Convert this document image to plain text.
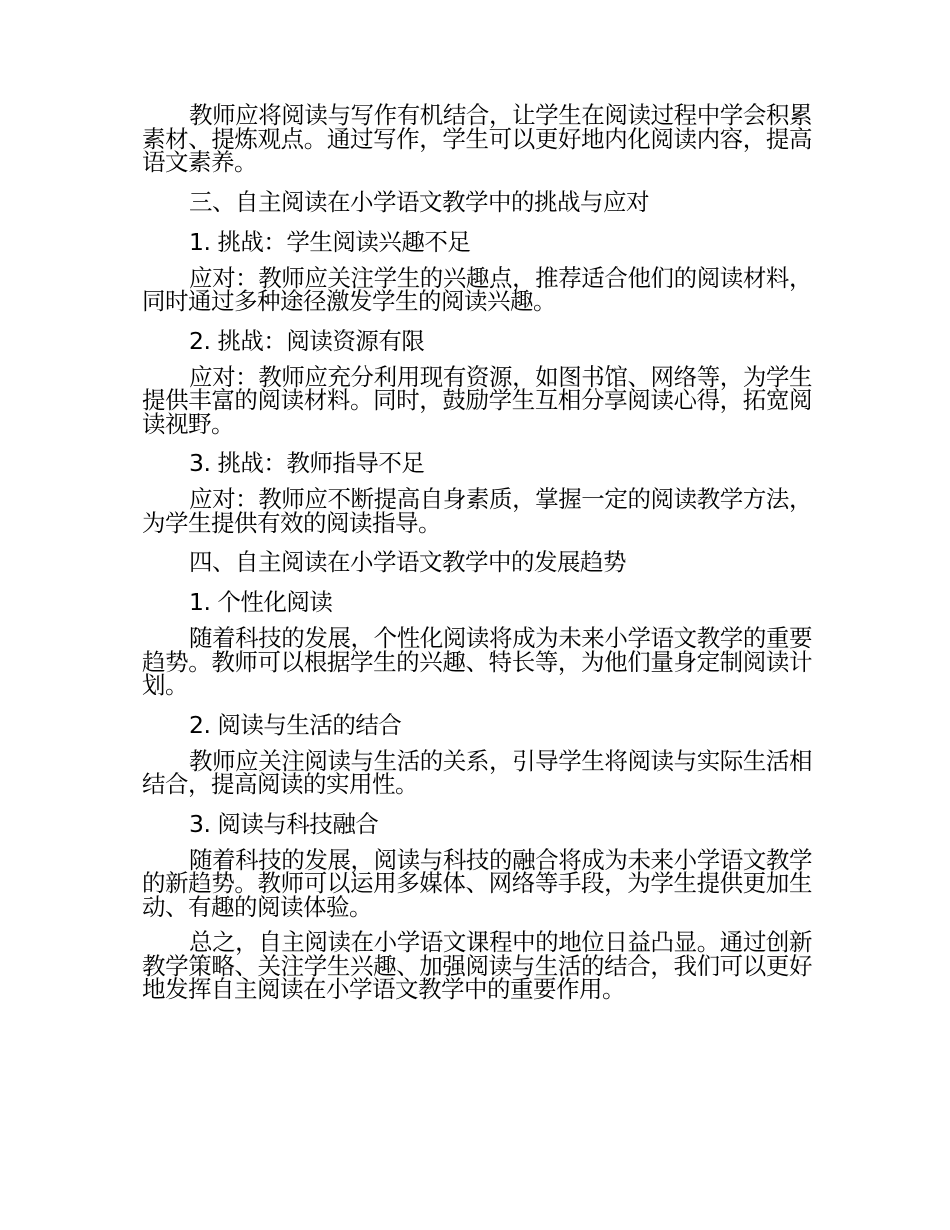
教师应将阅读与写作有机结合，让学生在阅读过程中学会积累素材、提炼观点。通过写作，学生可以更好地内化阅读内容，提高语文素养。

三、自主阅读在小学语文教学中的挑战与应对

1. 挑战：学生阅读兴趣不足

应对：教师应关注学生的兴趣点，推荐适合他们的阅读材料，同时通过多种途径激发学生的阅读兴趣。

2. 挑战：阅读资源有限

应对：教师应充分利用现有资源，如图书馆、网络等，为学生提供丰富的阅读材料。同时，鼓励学生互相分享阅读心得，拓宽阅读视野。

3. 挑战：教师指导不足

应对：教师应不断提高自身素质，掌握一定的阅读教学方法，为学生提供有效的阅读指导。

四、自主阅读在小学语文教学中的发展趋势

1. 个性化阅读

随着科技的发展，个性化阅读将成为未来小学语文教学的重要趋势。教师可以根据学生的兴趣、特长等，为他们量身定制阅读计划。

2. 阅读与生活的结合

教师应关注阅读与生活的关系，引导学生将阅读与实际生活相结合，提高阅读的实用性。

3. 阅读与科技融合

随着科技的发展，阅读与科技的融合将成为未来小学语文教学的新趋势。教师可以运用多媒体、网络等手段，为学生提供更加生动、有趣的阅读体验。

总之，自主阅读在小学语文课程中的地位日益凸显。通过创新教学策略、关注学生兴趣、加强阅读与生活的结合，我们可以更好地发挥自主阅读在小学语文教学中的重要作用。
